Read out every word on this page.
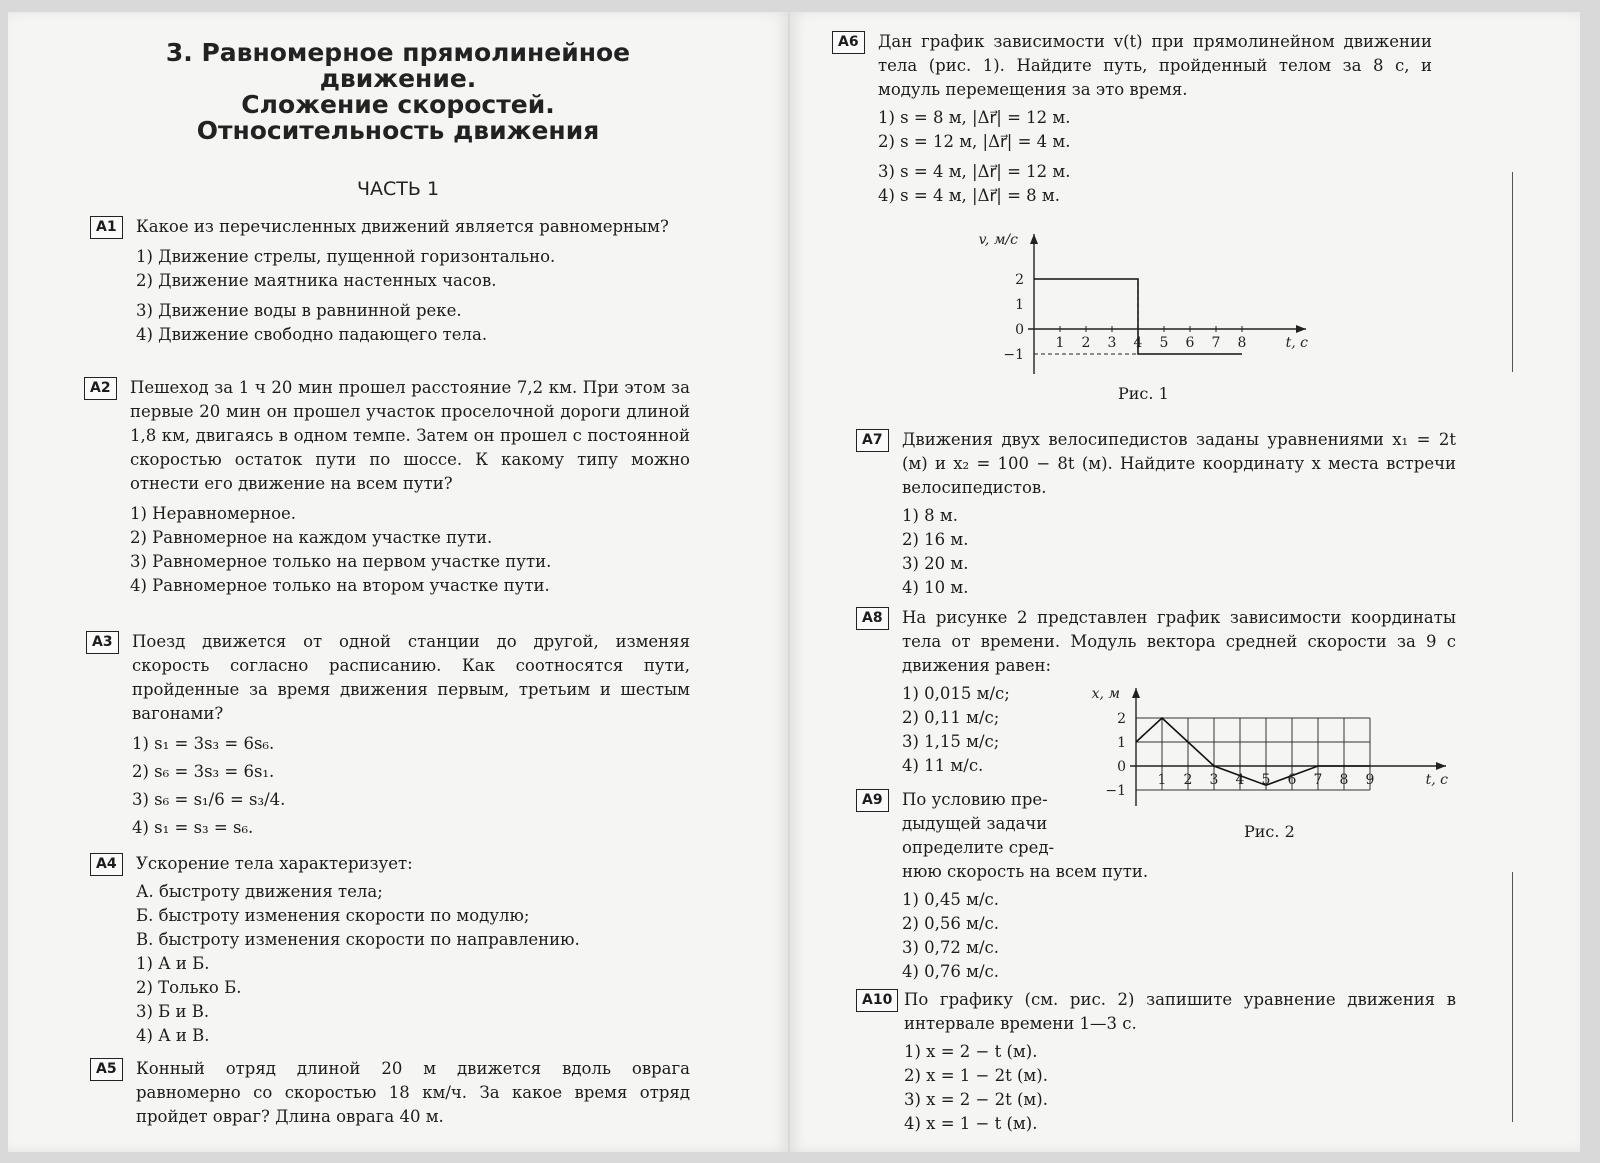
3. Равномерное прямолинейное
движение.
Сложение скоростей.
Относительность движения
ЧАСТЬ 1
А1	Какое из перечисленных движений является равномерным?
1) Движение стрелы, пущенной горизонтально.
2) Движение маятника настенных часов.
3) Движение воды в равнинной реке.
4) Движение свободно падающего тела.
А2	Пешеход за 1 ч 20 мин прошел расстояние 7,2 км. При этом за первые 20 мин он прошел участок проселочной дороги длиной 1,8 км, двигаясь в одном темпе. Затем он прошел с постоянной скоростью остаток пути по шоссе. К какому типу можно отнести его движение на всем пути?
1) Неравномерное.
2) Равномерное на каждом участке пути.
3) Равномерное только на первом участке пути.
4) Равномерное только на втором участке пути.
А3	Поезд движется от одной станции до другой, изменяя скорость согласно расписанию. Как соотносятся пути, пройденные за время движения первым, третьим и шестым вагонами?
1) s₁ = 3s₃ = 6s₆.
2) s₆ = 3s₃ = 6s₁.
3) s₆ = s₁/6 = s₃/4.
4) s₁ = s₃ = s₆.
А4	Ускорение тела характеризует:
А. быстроту движения тела;
Б. быстроту изменения скорости по модулю;
В. быстроту изменения скорости по направлению.
1) А и Б.
2) Только Б.
3) Б и В.
4) А и В.
А5	Конный отряд длиной 20 м движется вдоль оврага равномерно со скоростью 18 км/ч. За какое время отряд пройдет овраг? Длина оврага 40 м.
А6	Дан график зависимости v(t) при прямолинейном движении тела (рис. 1). Найдите путь, пройденный телом за 8 с, и модуль перемещения за это время.
1) s = 8 м, |Δr⃗| = 12 м.
2) s = 12 м, |Δr⃗| = 4 м.
3) s = 4 м, |Δr⃗| = 12 м.
4) s = 4 м, |Δr⃗| = 8 м.
1 2 3 4 5 6 7 8
−1
0
1
2
v, м/с
t, с
Рис. 1
А7	Движения двух велосипедистов заданы уравнениями x₁ = 2t (м) и x₂ = 100 − 8t (м). Найдите координату x места встречи велосипедистов.
1) 8 м.
2) 16 м.
3) 20 м.
4) 10 м.
А8	На рисунке 2 представлен график зависимости координаты тела от времени. Модуль вектора средней скорости за 9 с движения равен:
1) 0,015 м/с;
2) 0,11 м/с;
3) 1,15 м/с;
4) 11 м/с.
1 2 3 4 5 6 7 8 9
−1
0
1
2
x, м
t, с
Рис. 2
А9	По условию пре-
дыдущей задачи
определите сред-
нюю скорость на всем пути.
1) 0,45 м/с.
2) 0,56 м/с.
3) 0,72 м/с.
4) 0,76 м/с.
А10 По графику (см. рис. 2) запишите уравнение движения в интервале времени 1—3 с.
1) x = 2 − t (м).
2) x = 1 − 2t (м).
3) x = 2 − 2t (м).
4) x = 1 − t (м).
